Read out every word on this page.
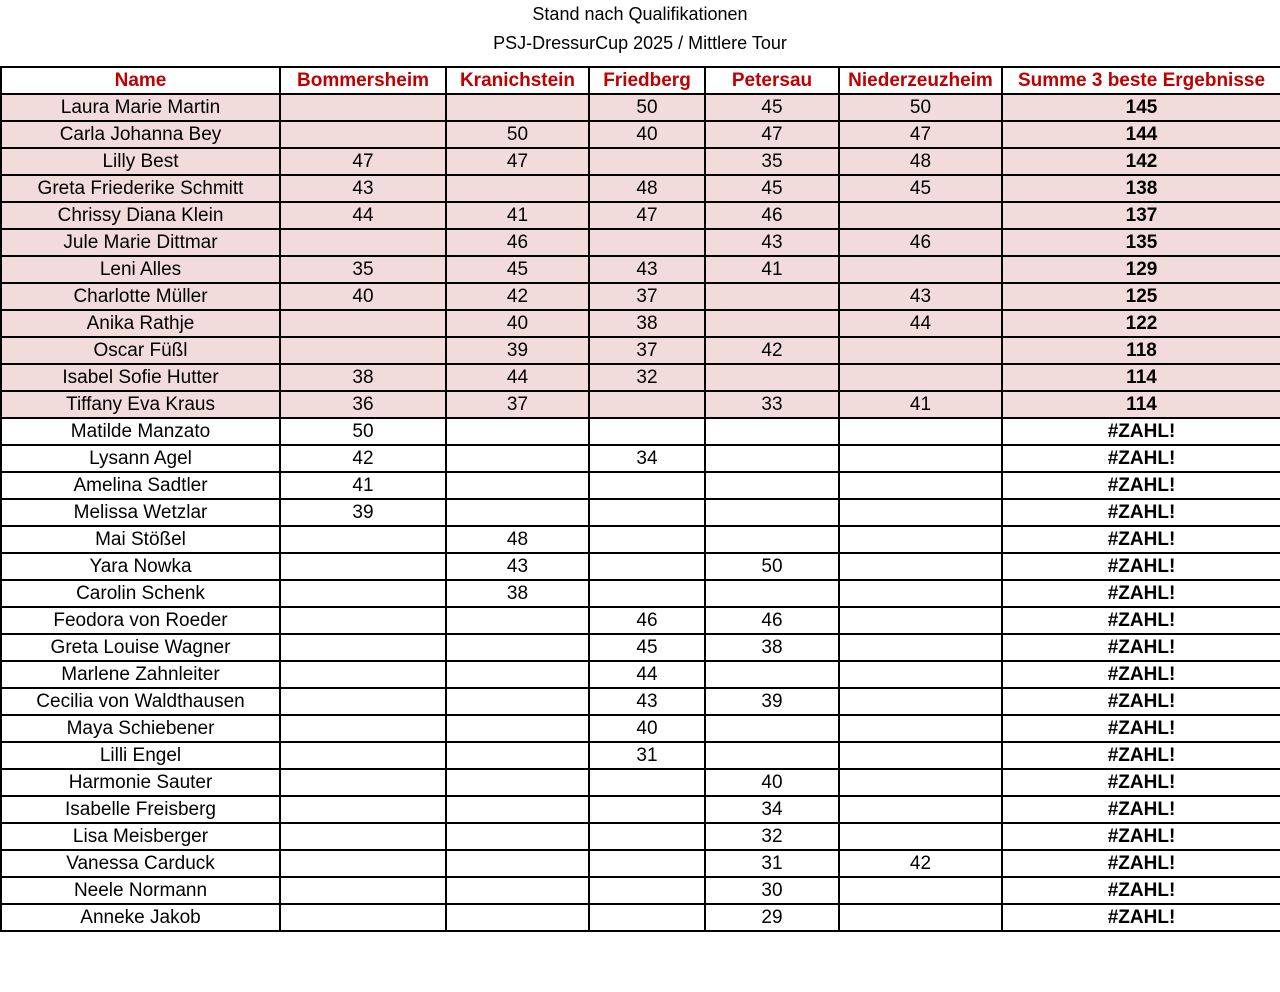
Stand nach Qualifikationen
PSJ-DressurCup 2025 / Mittlere Tour
Name	Bommersheim	Kranichstein	Friedberg	Petersau	Niederzeuzheim	Summe 3 beste Ergebnisse
Laura Marie Martin			50	45	50	145
Carla Johanna Bey		50	40	47	47	144
Lilly Best	47	47		35	48	142
Greta Friederike Schmitt	43		48	45	45	138
Chrissy Diana Klein	44	41	47	46		137
Jule Marie Dittmar		46		43	46	135
Leni Alles	35	45	43	41		129
Charlotte Müller	40	42	37		43	125
Anika Rathje		40	38		44	122
Oscar Füßl		39	37	42		118
Isabel Sofie Hutter	38	44	32			114
Tiffany Eva Kraus	36	37		33	41	114
Matilde Manzato	50					#ZAHL!
Lysann Agel	42		34			#ZAHL!
Amelina Sadtler	41					#ZAHL!
Melissa Wetzlar	39					#ZAHL!
Mai Stößel		48				#ZAHL!
Yara Nowka		43		50		#ZAHL!
Carolin Schenk		38				#ZAHL!
Feodora von Roeder			46	46		#ZAHL!
Greta Louise Wagner			45	38		#ZAHL!
Marlene Zahnleiter			44			#ZAHL!
Cecilia von Waldthausen			43	39		#ZAHL!
Maya Schiebener			40			#ZAHL!
Lilli Engel			31			#ZAHL!
Harmonie Sauter				40		#ZAHL!
Isabelle Freisberg				34		#ZAHL!
Lisa Meisberger				32		#ZAHL!
Vanessa Carduck				31	42	#ZAHL!
Neele Normann				30		#ZAHL!
Anneke Jakob				29		#ZAHL!
